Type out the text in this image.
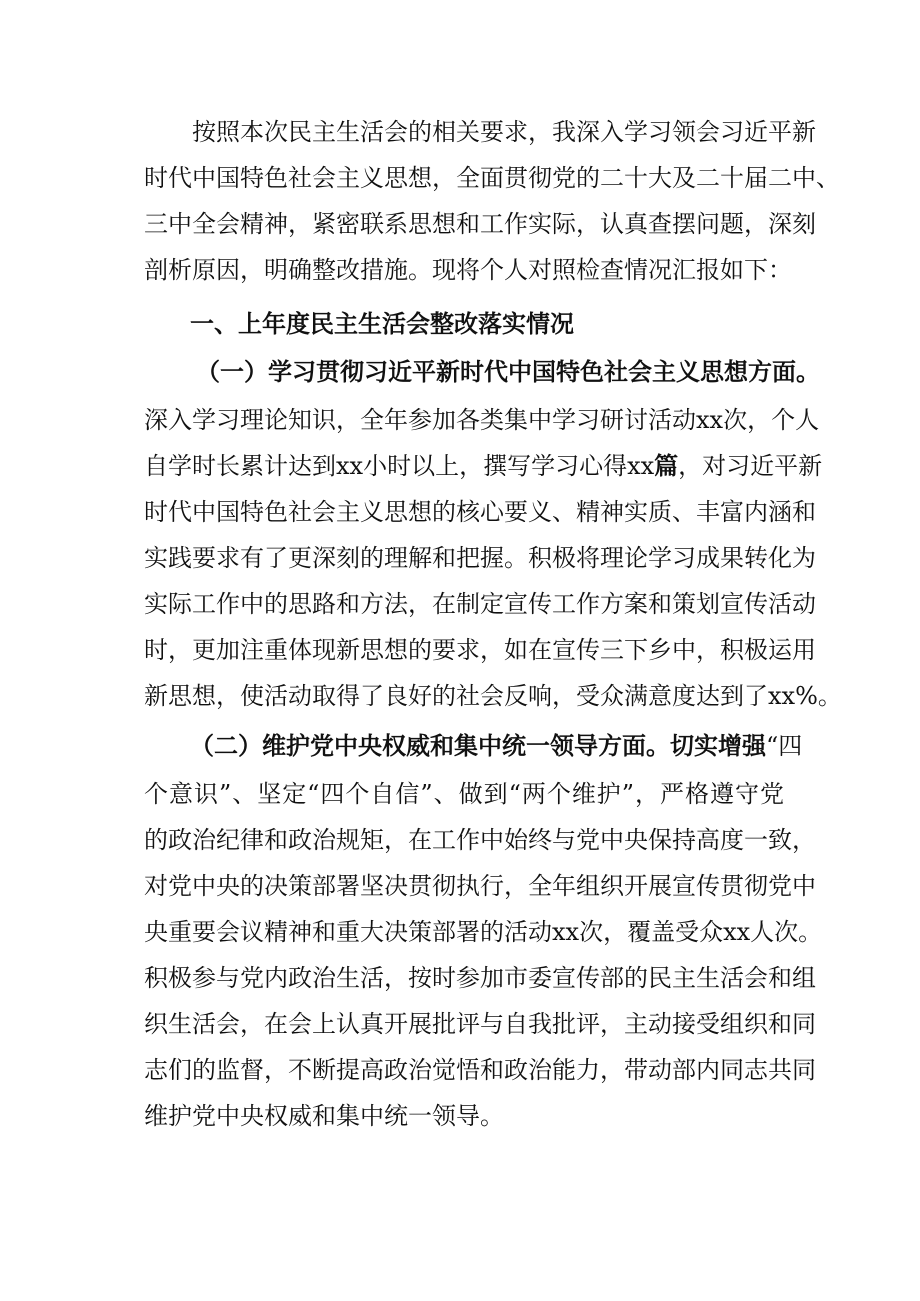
按照本次民主生活会的相关要求，我深入学习领会习近平新
时代中国特色社会主义思想，全面贯彻党的二十大及二十届二中、
三中全会精神，紧密联系思想和工作实际，认真查摆问题，深刻
剖析原因，明确整改措施。现将个人对照检查情况汇报如下：
一、上年度民主生活会整改落实情况
（一）学习贯彻习近平新时代中国特色社会主义思想方面。
深入学习理论知识，全年参加各类集中学习研讨活动xx次，个人
自学时长累计达到xx小时以上，撰写学习心得xx篇，对习近平新
时代中国特色社会主义思想的核心要义、精神实质、丰富内涵和
实践要求有了更深刻的理解和把握。积极将理论学习成果转化为
实际工作中的思路和方法，在制定宣传工作方案和策划宣传活动
时，更加注重体现新思想的要求，如在宣传三下乡中，积极运用
新思想，使活动取得了良好的社会反响，受众满意度达到了xx%。
（二）维护党中央权威和集中统一领导方面。切实增强“四
个意识”、坚定“四个自信”、做到“两个维护”，严格遵守党
的政治纪律和政治规矩，在工作中始终与党中央保持高度一致，
对党中央的决策部署坚决贯彻执行，全年组织开展宣传贯彻党中
央重要会议精神和重大决策部署的活动xx次，覆盖受众xx人次。
积极参与党内政治生活，按时参加市委宣传部的民主生活会和组
织生活会，在会上认真开展批评与自我批评，主动接受组织和同
志们的监督，不断提高政治觉悟和政治能力，带动部内同志共同
维护党中央权威和集中统一领导。
